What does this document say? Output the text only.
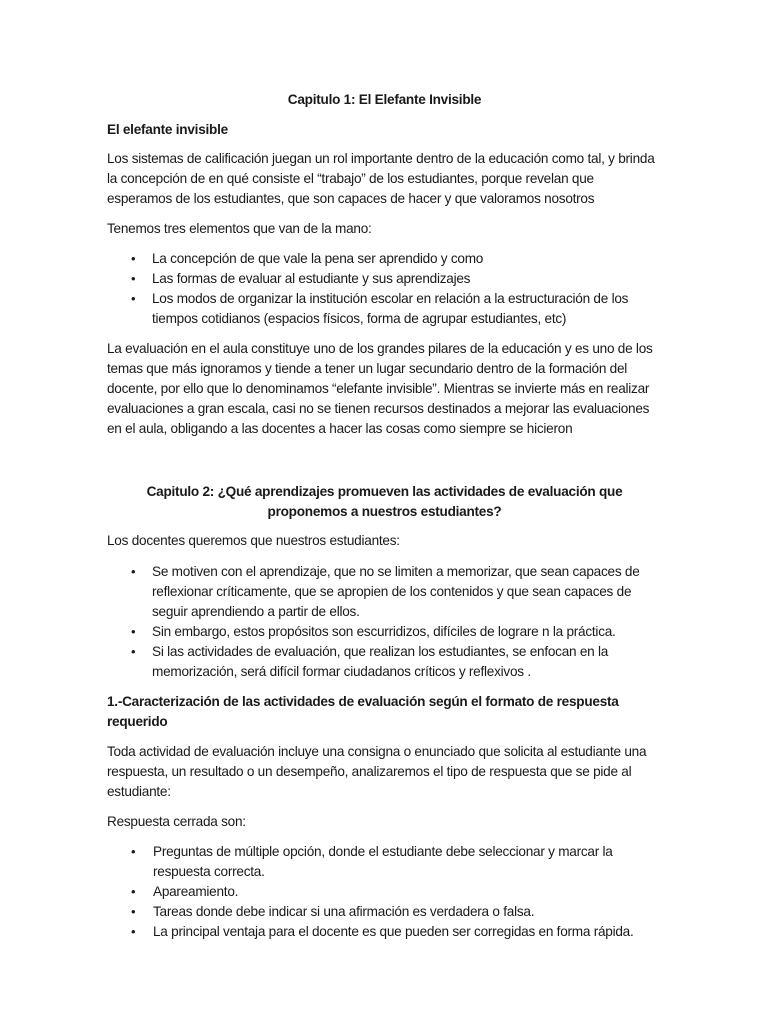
Capitulo 1: El Elefante Invisible
El elefante invisible

Los sistemas de calificación juegan un rol importante dentro de la educación como tal, y brinda la concepción de en qué consiste el “trabajo” de los estudiantes, porque revelan que esperamos de los estudiantes, que son capaces de hacer y que valoramos nosotros

Tenemos tres elementos que van de la mano:

• La concepción de que vale la pena ser aprendido y como
• Las formas de evaluar al estudiante y sus aprendizajes
• Los modos de organizar la institución escolar en relación a la estructuración de los tiempos cotidianos (espacios físicos, forma de agrupar estudiantes, etc)

La evaluación en el aula constituye uno de los grandes pilares de la educación y es uno de los temas que más ignoramos y tiende a tener un lugar secundario dentro de la formación del docente, por ello que lo denominamos “elefante invisible”. Mientras se invierte más en realizar evaluaciones a gran escala, casi no se tienen recursos destinados a mejorar las evaluaciones en el aula, obligando a las docentes a hacer las cosas como siempre se hicieron

Capitulo 2: ¿Qué aprendizajes promueven las actividades de evaluación que proponemos a nuestros estudiantes?

Los docentes queremos que nuestros estudiantes:

• Se motiven con el aprendizaje, que no se limiten a memorizar, que sean capaces de reflexionar críticamente, que se apropien de los contenidos y que sean capaces de seguir aprendiendo a partir de ellos.
• Sin embargo, estos propósitos son escurridizos, difíciles de lograre n la práctica.
• Si las actividades de evaluación, que realizan los estudiantes, se enfocan en la memorización, será difícil formar ciudadanos críticos y reflexivos .
1.-Caracterización de las actividades de evaluación según el formato de respuesta requerido

Toda actividad de evaluación incluye una consigna o enunciado que solicita al estudiante una respuesta, un resultado o un desempeño, analizaremos el tipo de respuesta que se pide al estudiante:

Respuesta cerrada son:

• Preguntas de múltiple opción, donde el estudiante debe seleccionar y marcar la respuesta correcta.
• Apareamiento.
• Tareas donde debe indicar si una afirmación es verdadera o falsa.
• La principal ventaja para el docente es que pueden ser corregidas en forma rápida.
